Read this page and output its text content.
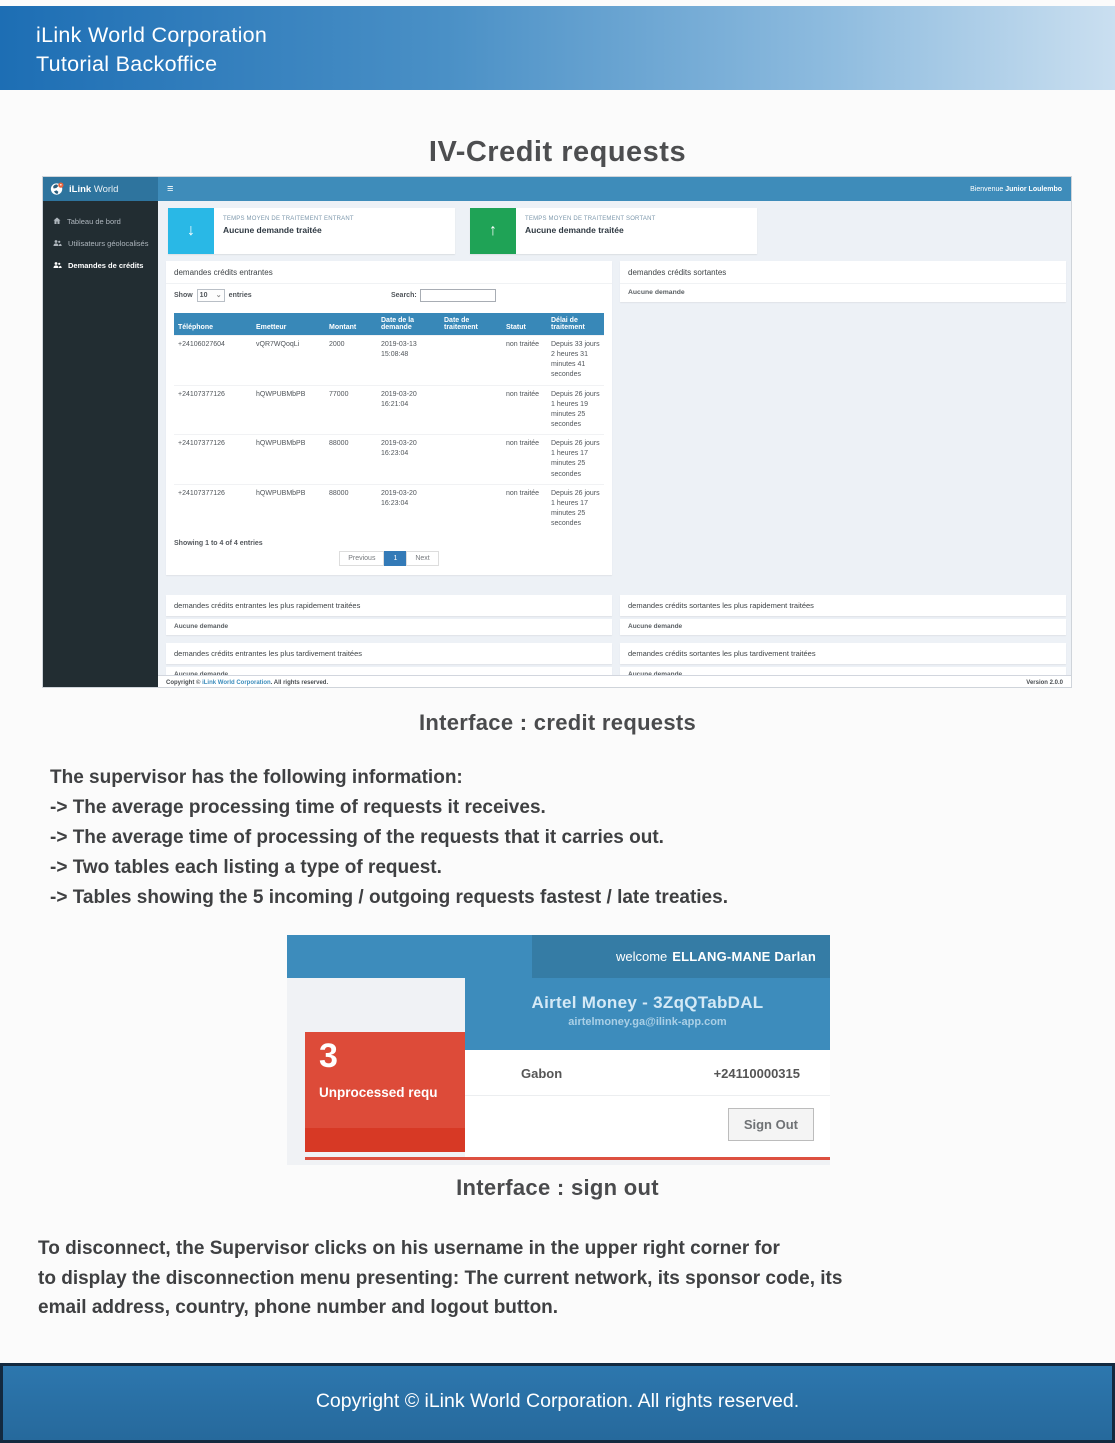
iLink World Corporation
Tutorial Backoffice
IV-Credit requests
iLink World	≡	Bienvenue Junior Loulembo
Tableau de bord
Utilisateurs géolocalisés
Demandes de crédits
↓
TEMPS MOYEN DE TRAITEMENT ENTRANT
Aucune demande traitée	↑
TEMPS MOYEN DE TRAITEMENT SORTANT
Aucune demande traitée
demandes crédits entrantes
Show 10 ⌄ entries	Search:
Téléphone	Emetteur	Montant	Date de la demande	Date de traitement	Statut	Délai de traitement
+24106027604	vQR7WQoqLi	2000	2019-03-13 15:08:48		non traitée	Depuis 33 jours 2 heures 31 minutes 41 secondes
+24107377126	hQWPUBMbPB	77000	2019-03-20 16:21:04		non traitée	Depuis 26 jours 1 heures 19 minutes 25 secondes
+24107377126	hQWPUBMbPB	88000	2019-03-20 16:23:04		non traitée	Depuis 26 jours 1 heures 17 minutes 25 secondes
+24107377126	hQWPUBMbPB	88000	2019-03-20 16:23:04		non traitée	Depuis 26 jours 1 heures 17 minutes 25 secondes
Showing 1 to 4 of 4 entries
Previous	1	Next
demandes crédits sortantes
Aucune demande
demandes crédits entrantes les plus rapidement traitées
Aucune demande
demandes crédits sortantes les plus rapidement traitées
Aucune demande
demandes crédits entrantes les plus tardivement traitées	demandes crédits sortantes les plus tardivement traitées
Copyright © iLink World Corporation. All rights reserved.	Version 2.0.0
Interface : credit requests
The supervisor has the following information:
-> The average processing time of requests it receives.
-> The average time of processing of the requests that it carries out.
-> Two tables each listing a type of request.
-> Tables showing the 5 incoming / outgoing requests fastest / late treaties.
welcome ELLANG-MANE Darlan
3
Unprocessed requ
Airtel Money - 3ZqQTabDAL
airtelmoney.ga@ilink-app.com
Gabon	+24110000315
Sign Out
Interface : sign out
To disconnect, the Supervisor clicks on his username in the upper right corner for
to display the disconnection menu presenting: The current network, its sponsor code, its
email address, country, phone number and logout button.
Copyright © iLink World Corporation. All rights reserved.
